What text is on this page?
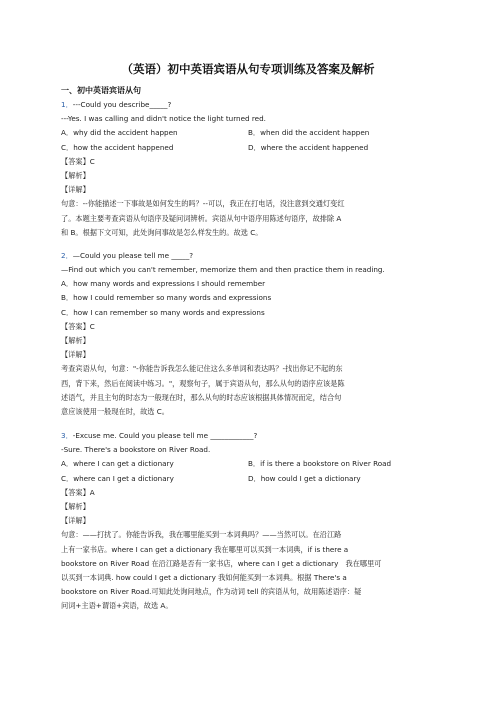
（英语）初中英语宾语从句专项训练及答案及解析
一、初中英语宾语从句
1．---Could you describe_____?
---Yes. I was calling and didn't notice the light turned red.
A．why did the accident happen	B．when did the accident happen
C．how the accident happened	D．where the accident happened
【答案】C
【解析】
【详解】
句意：--你能描述一下事故是如何发生的吗？--可以，我正在打电话，没注意到交通灯变红
了。本题主要考查宾语从句语序及疑问词辨析。宾语从句中语序用陈述句语序，故排除 A
和 B。根据下文可知，此处询问事故是怎么样发生的。故选 C。
2．—Could you please tell me _____?
—Find out which you can't remember, memorize them and then practice them in reading.
A．how many words and expressions I should remember
B．how I could remember so many words and expressions
C．how I can remember so many words and expressions
【答案】C
【解析】
【详解】
考查宾语从句，句意："-你能告诉我怎么能记住这么多单词和表达吗？-找出你记不起的东
西，背下来，然后在阅读中练习。"，观察句子，属于宾语从句，那么从句的语序应该是陈
述语气，并且主句的时态为一般现在时，那么从句的时态应该根据具体情况而定，结合句
意应该使用一般现在时，故选 C。
3．-Excuse me. Could you please tell me ____________?
-Sure. There's a bookstore on River Road.
A．where I can get a dictionary	B．if is there a bookstore on River Road
C．where can I get a dictionary	D．how could I get a dictionary
【答案】A
【解析】
【详解】
句意：——打扰了。你能告诉我，我在哪里能买到一本词典吗？——当然可以。在沿江路
上有一家书店。where I can get a dictionary 我在哪里可以买到一本词典，if is there a
bookstore on River Road 在沿江路是否有一家书店，where can I get a dictionary　我在哪里可
以买到一本词典. how could I get a dictionary 我如何能买到一本词典。根据 There's a
bookstore on River Road.可知此处询问地点，作为动词 tell 的宾语从句，故用陈述语序：疑
问词+主语+谓语+宾语，故选 A。
